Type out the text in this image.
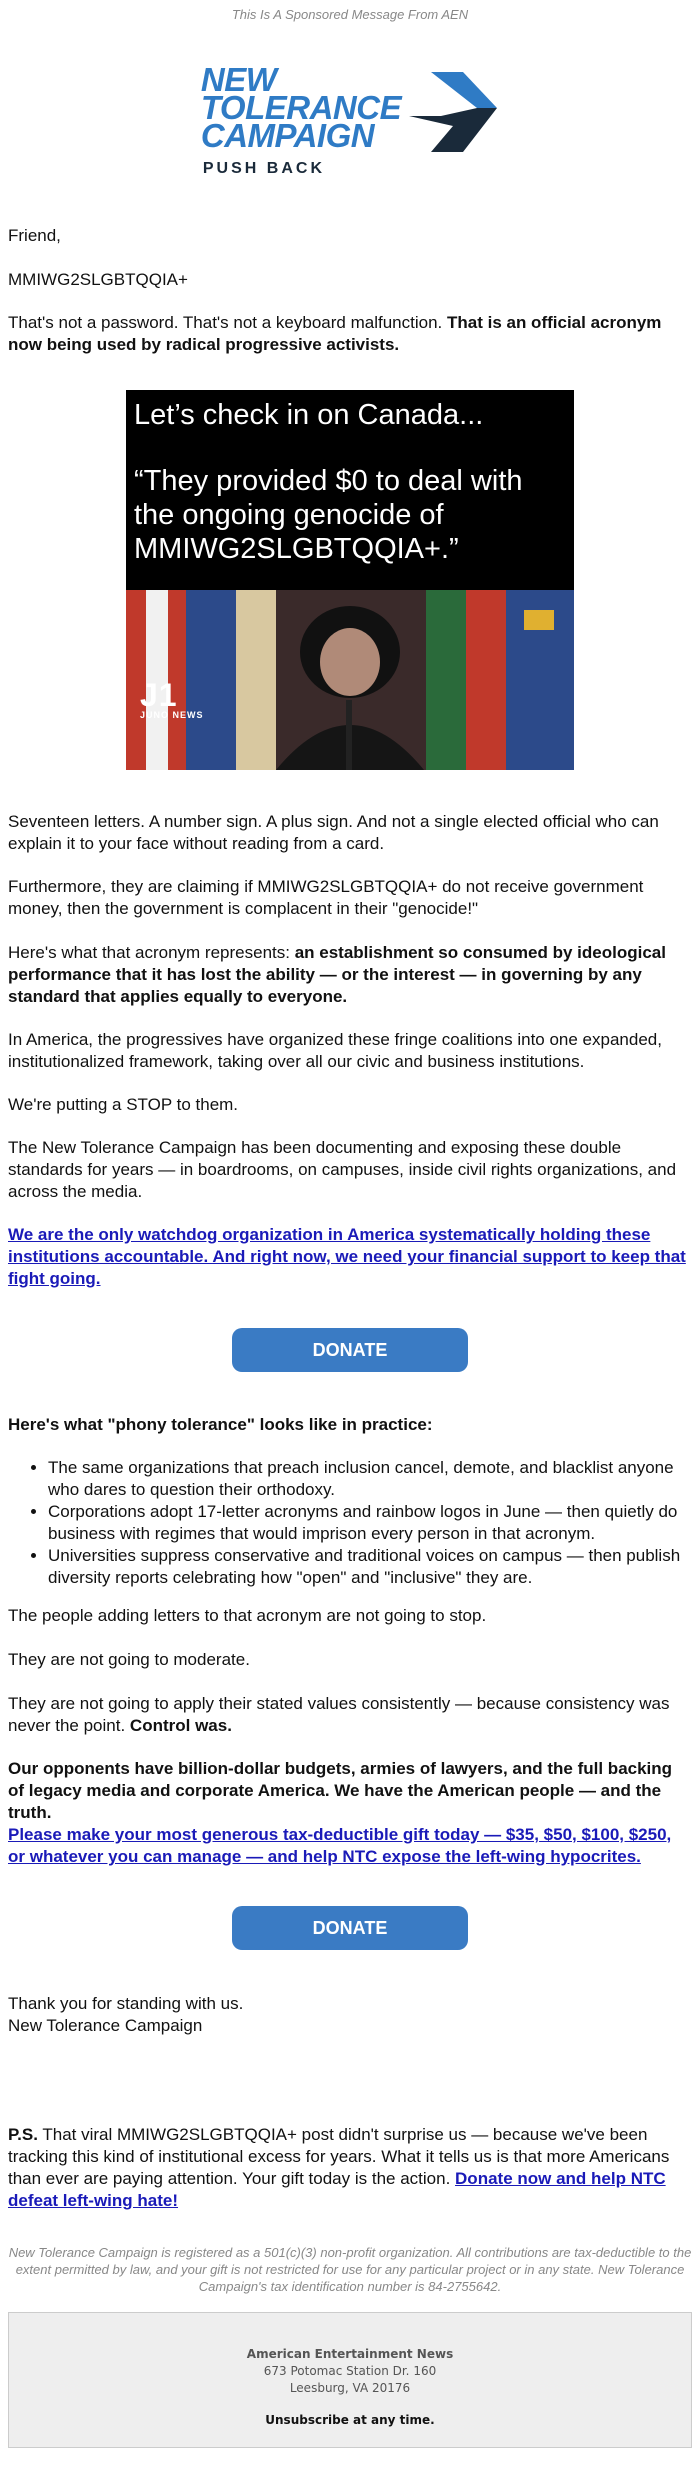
This Is A Sponsored Message From AEN
NEW
TOLERANCE
CAMPAIGN
PUSH BACK
Friend,
MMIWG2SLGBTQQIA+
That's not a password. That's not a keyboard malfunction. That is an official acronym now being used by radical progressive activists.
Let’s check in on Canada...
“They provided $0 to deal with the ongoing genocide of MMIWG2SLGBTQQIA+.”
J1
JUNO NEWS
Seventeen letters. A number sign. A plus sign. And not a single elected official who can explain it to your face without reading from a card.
Furthermore, they are claiming if MMIWG2SLGBTQQIA+ do not receive government money, then the government is complacent in their "genocide!"
Here's what that acronym represents: an establishment so consumed by ideological performance that it has lost the ability — or the interest — in governing by any standard that applies equally to everyone.
In America, the progressives have organized these fringe coalitions into one expanded, institutionalized framework, taking over all our civic and business institutions.
We're putting a STOP to them.
The New Tolerance Campaign has been documenting and exposing these double standards for years — in boardrooms, on campuses, inside civil rights organizations, and across the media.
We are the only watchdog organization in America systematically holding these institutions accountable. And right now, we need your financial support to keep that fight going.
DONATE
Here's what "phony tolerance" looks like in practice:
• The same organizations that preach inclusion cancel, demote, and blacklist anyone who dares to question their orthodoxy.
• Corporations adopt 17-letter acronyms and rainbow logos in June — then quietly do business with regimes that would imprison every person in that acronym.
• Universities suppress conservative and traditional voices on campus — then publish diversity reports celebrating how "open" and "inclusive" they are.
The people adding letters to that acronym are not going to stop.
They are not going to moderate.
They are not going to apply their stated values consistently — because consistency was never the point. Control was.
Our opponents have billion-dollar budgets, armies of lawyers, and the full backing of legacy media and corporate America. We have the American people — and the truth.
Please make your most generous tax-deductible gift today — $35, $50, $100, $250, or whatever you can manage — and help NTC expose the left-wing hypocrites.
DONATE
Thank you for standing with us.
New Tolerance Campaign
P.S. That viral MMIWG2SLGBTQQIA+ post didn't surprise us — because we've been tracking this kind of institutional excess for years. What it tells us is that more Americans than ever are paying attention. Your gift today is the action. Donate now and help NTC defeat left-wing hate!
New Tolerance Campaign is registered as a 501(c)(3) non-profit organization. All contributions are tax-deductible to the extent permitted by law, and your gift is not restricted for use for any particular project or in any state. New Tolerance Campaign's tax identification number is 84-2755642.
American Entertainment News
673 Potomac Station Dr. 160
Leesburg, VA 20176
Unsubscribe at any time.
